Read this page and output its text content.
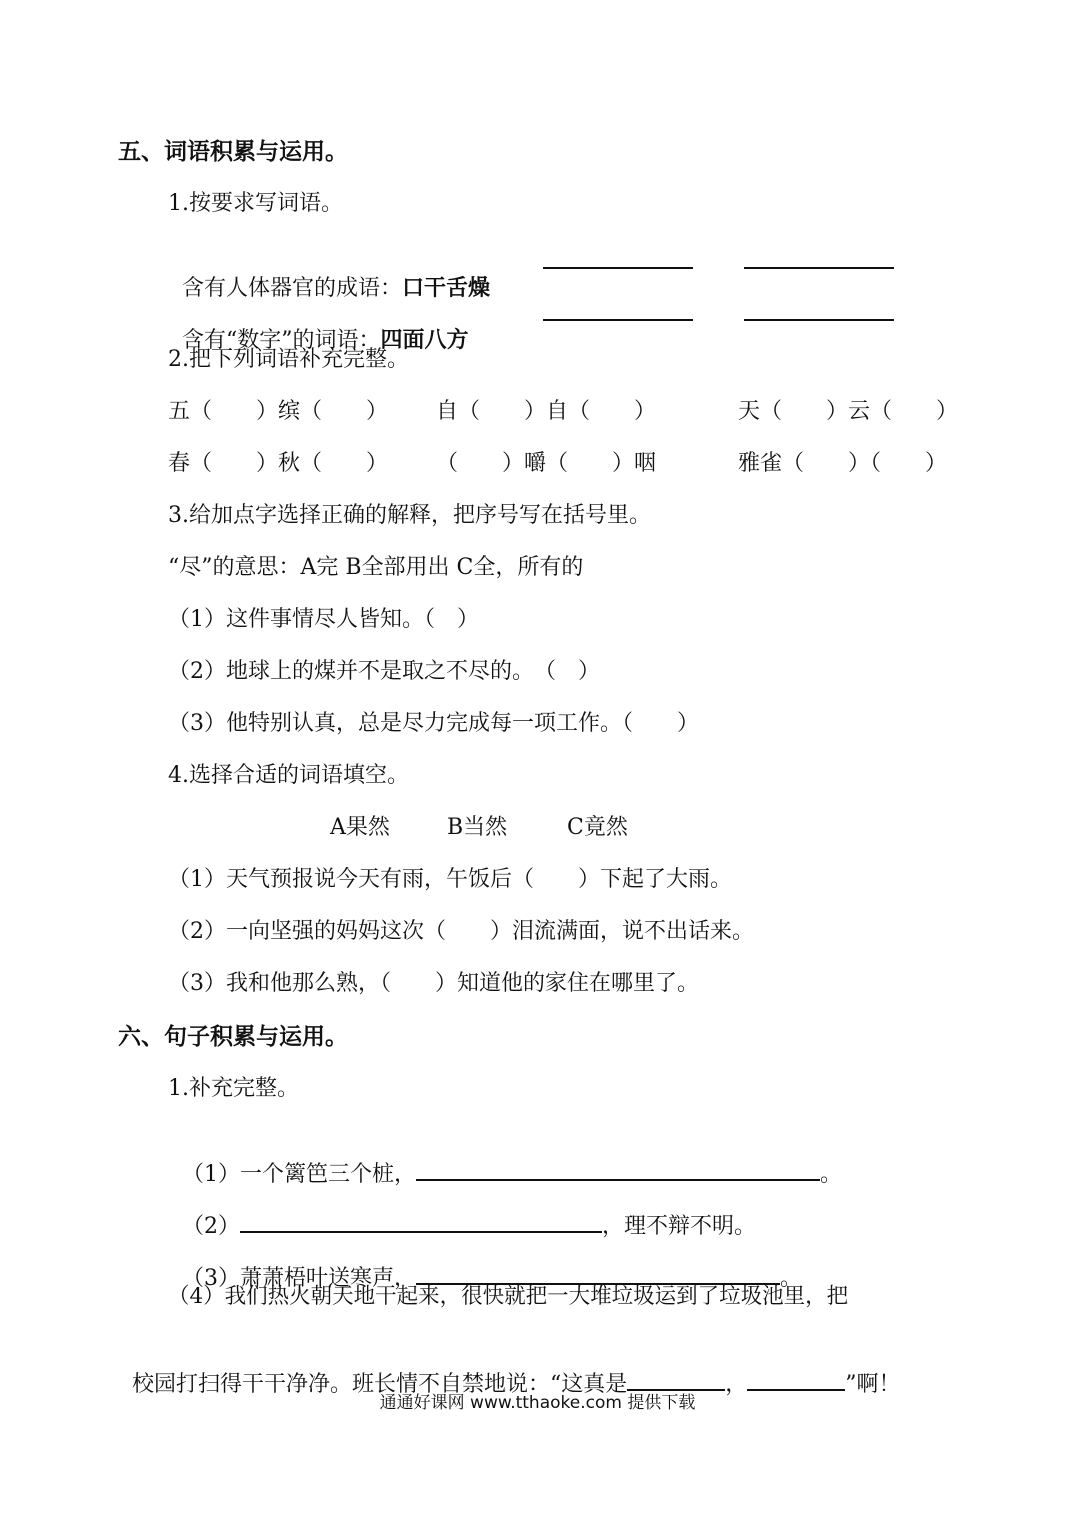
五、词语积累与运用。
1.按要求写词语。

含有人体器官的成语：口干舌燥

含有“数字”的词语：四面八方

2.把下列词语补充完整。
五（　　）缤（　　） 自（　　）自（　　）	天（　　）云（　　）
春（　　）秋（　　） （　　）嚼（　　）咽	雅雀（　　）（　　）
3.给加点字选择正确的解释，把序号写在括号里。
“尽”的意思：A完 B全部用出 C全，所有的
（1）这件事情尽人皆知。（　）
（2）地球上的煤并不是取之不尽的。　（　）
（3）他特别认真，总是尽力完成每一项工作。（　　）
4.选择合适的词语填空。
A果然	B当然	C竟然
（1）天气预报说今天有雨，午饭后（　　）下起了大雨。
（2）一向坚强的妈妈这次（　　）泪流满面，说不出话来。
（3）我和他那么熟，（　　）知道他的家住在哪里了。
六、句子积累与运用。
1.补充完整。

（1）一个篱笆三个桩，	。

（2）	，理不辩不明。

（3）萧萧梧叶送寒声，	。

（4）我们热火朝天地干起来，很快就把一大堆垃圾运到了垃圾池里，把

校园打扫得干干净净。班长情不自禁地说：“这真是	，	”啊！

通通好课网 www.tthaoke.com 提供下载
